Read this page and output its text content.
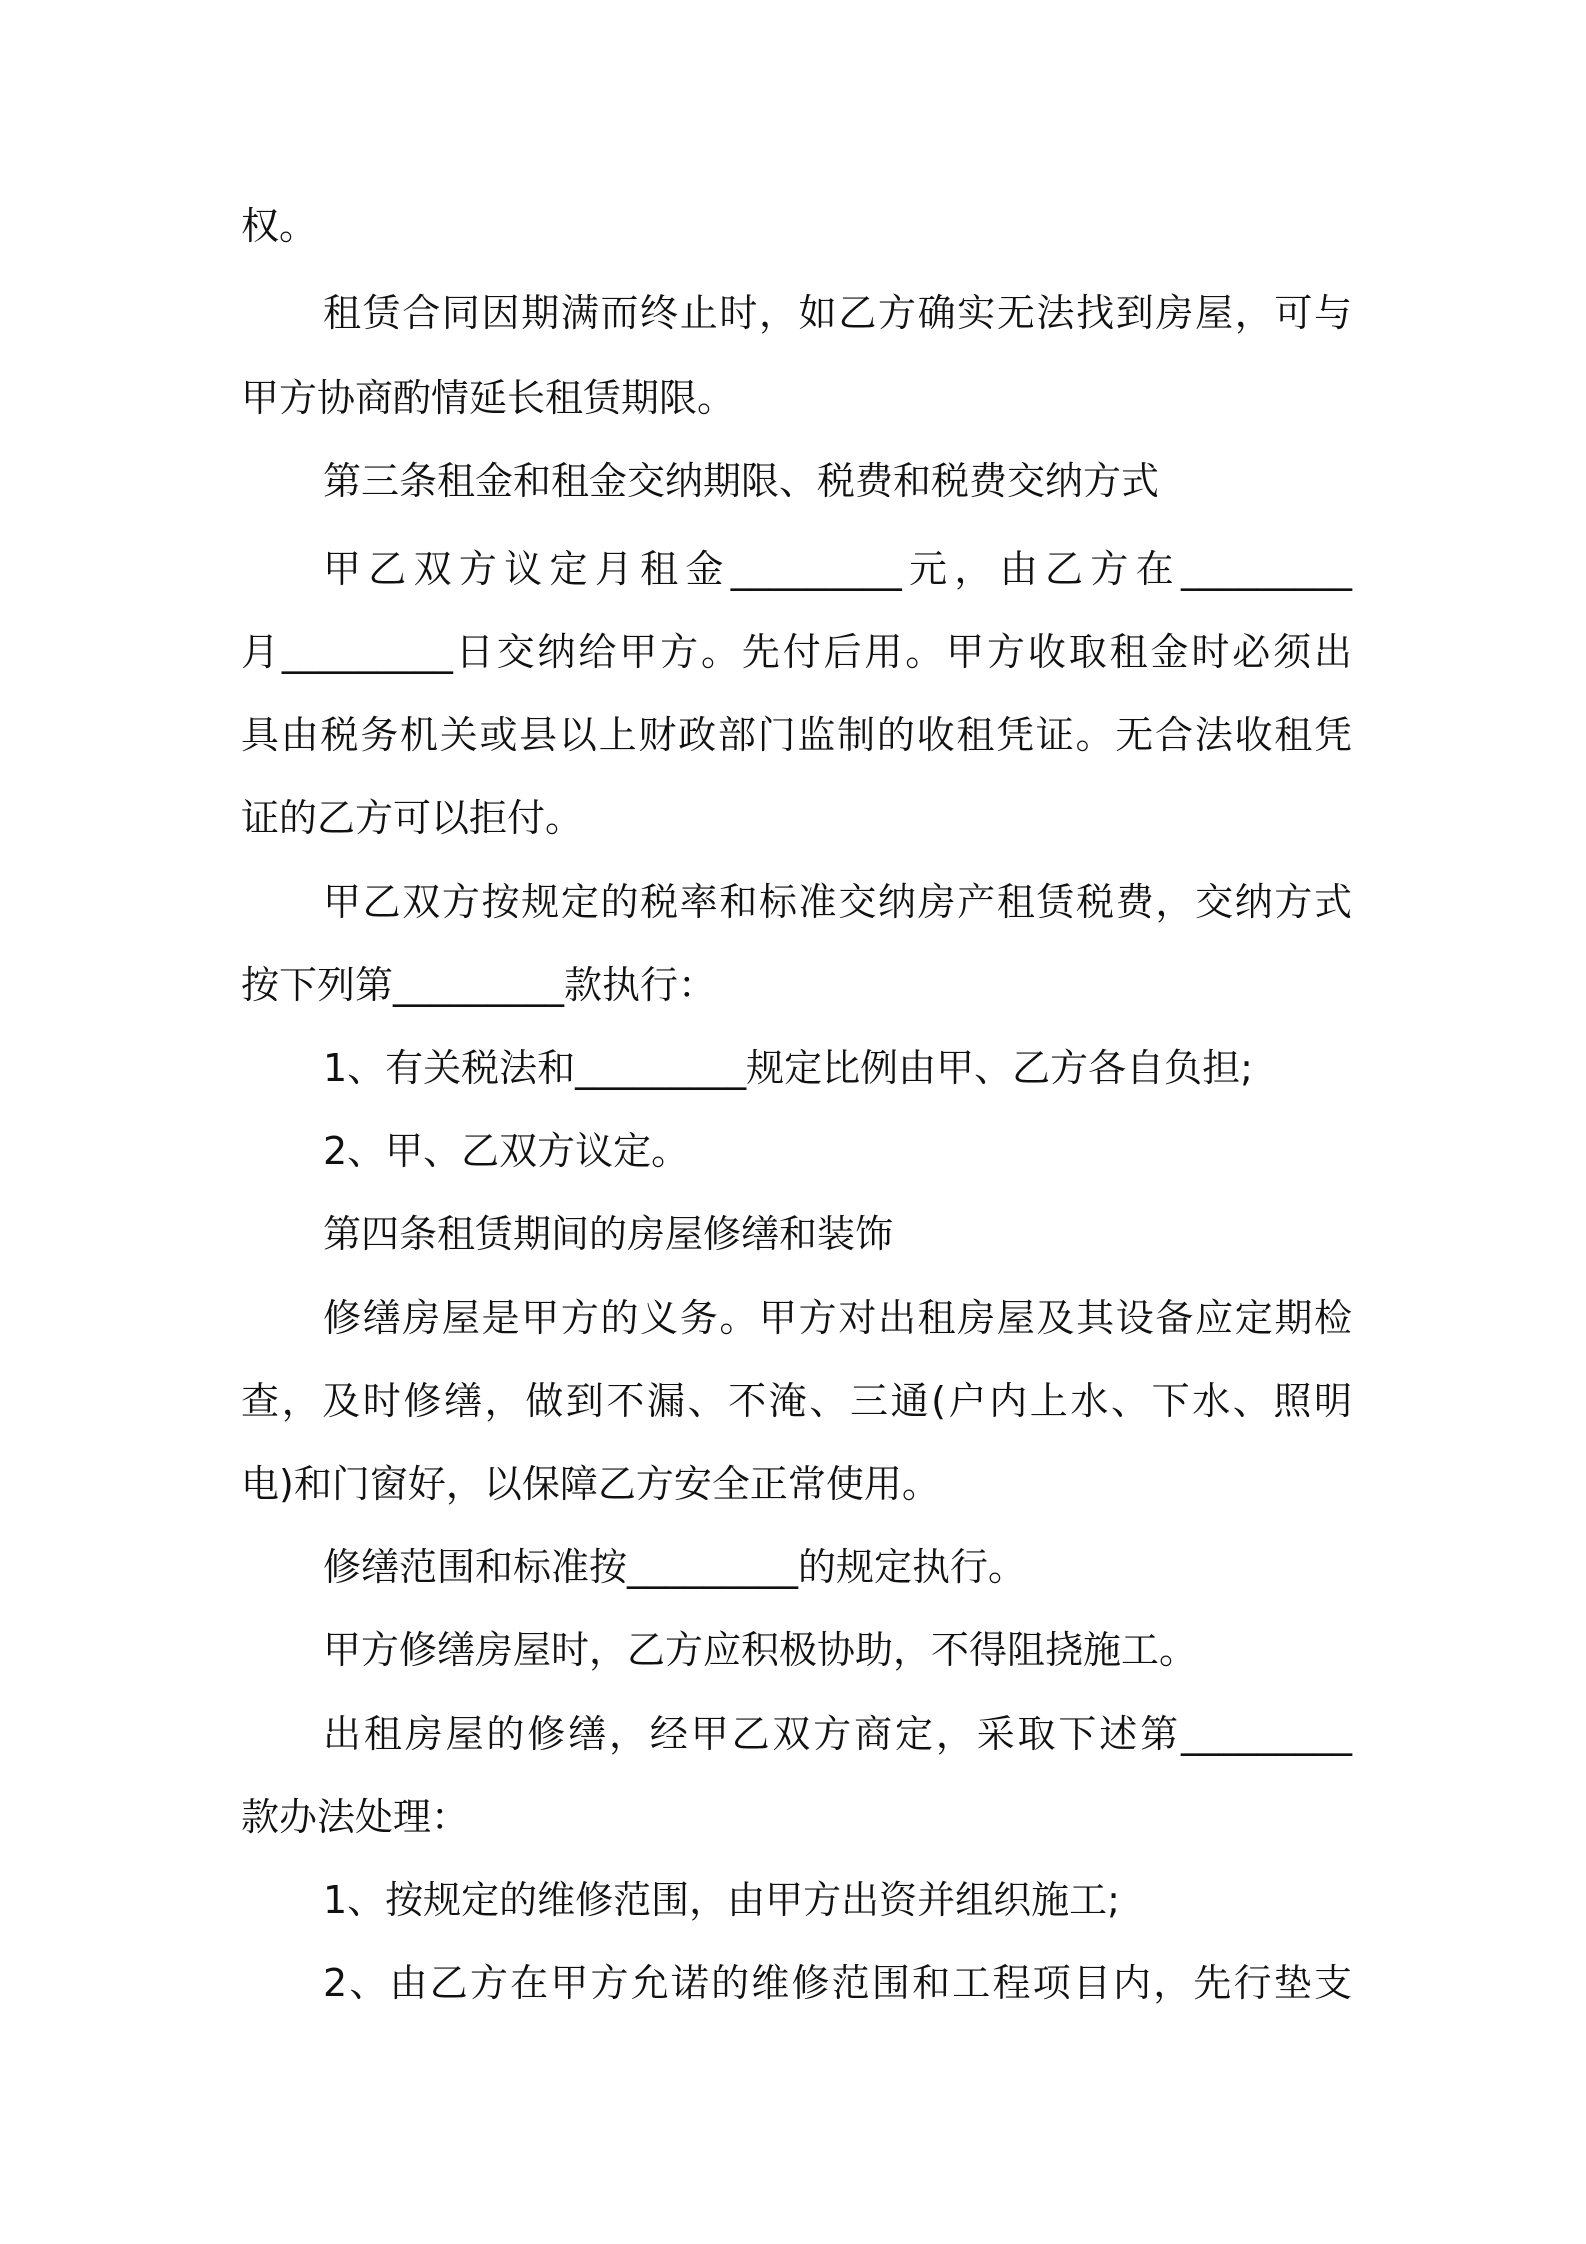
权。
租赁合同因期满而终止时，如乙方确实无法找到房屋，可与
甲方协商酌情延长租赁期限。
第三条租金和租金交纳期限、税费和税费交纳方式
甲乙双方议定月租金_________元，由乙方在_________
月_________日交纳给甲方。先付后用。甲方收取租金时必须出
具由税务机关或县以上财政部门监制的收租凭证。无合法收租凭
证的乙方可以拒付。
甲乙双方按规定的税率和标准交纳房产租赁税费，交纳方式
按下列第_________款执行：
1、有关税法和_________规定比例由甲、乙方各自负担;
2、甲、乙双方议定。
第四条租赁期间的房屋修缮和装饰
修缮房屋是甲方的义务。甲方对出租房屋及其设备应定期检
查，及时修缮，做到不漏、不淹、三通(户内上水、下水、照明
电)和门窗好，以保障乙方安全正常使用。
修缮范围和标准按_________的规定执行。
甲方修缮房屋时，乙方应积极协助，不得阻挠施工。
出租房屋的修缮，经甲乙双方商定，采取下述第_________
款办法处理：
1、按规定的维修范围，由甲方出资并组织施工;
2、由乙方在甲方允诺的维修范围和工程项目内，先行垫支
